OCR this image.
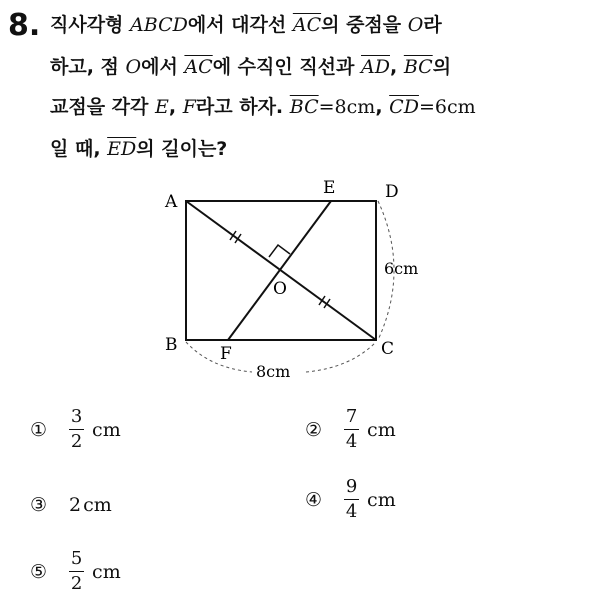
8. 직사각형 ABCD에서 대각선 $\overline{AC}$의 중점을 O라
하고, 점 O에서 $\overline{AC}$에 수직인 직선과 $\overline{AD}$, $\overline{BC}$의
교점을 각각 E, F라고 하자. $\overline{BC}=8cm$, $\overline{CD}=6cm$
일 때, $\overline{ED}$의 길이는?
A
B	C
D
E
F
O
6cm
8cm
① $\frac{3}{2}$ cm	② $\frac{7}{4}$ cm
③ 2 cm	④ $\frac{9}{4}$ cm
⑤ $\frac{5}{2}$ cm
